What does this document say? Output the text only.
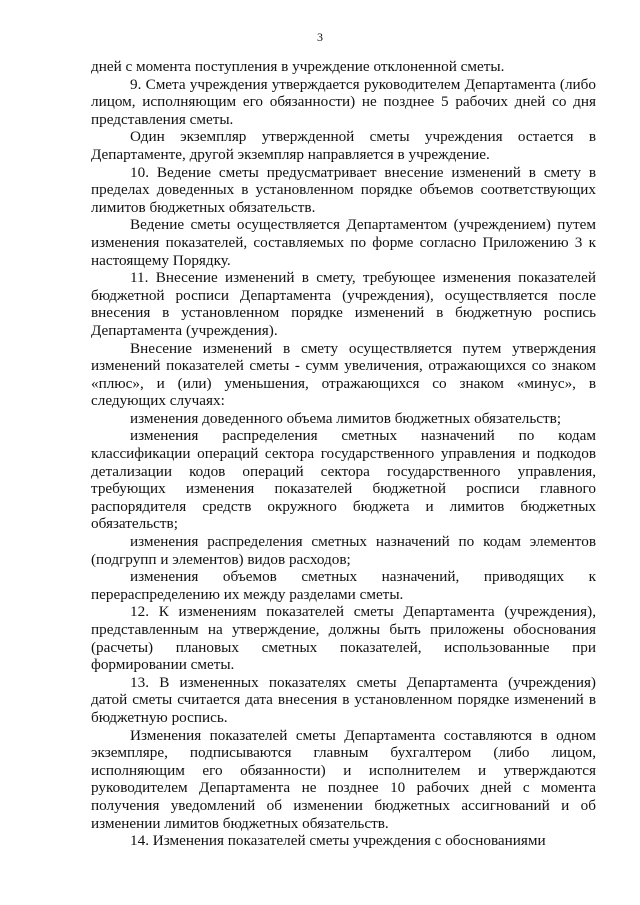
3

дней с момента поступления в учреждение отклоненной сметы.

9. Смета учреждения утверждается руководителем Департамента (либо лицом, исполняющим его обязанности) не позднее 5 рабочих дней со дня представления сметы.

Один экземпляр утвержденной сметы учреждения остается в Департаменте, другой экземпляр направляется в учреждение.

10. Ведение сметы предусматривает внесение изменений в смету в пределах доведенных в установленном порядке объемов соответствующих лимитов бюджетных обязательств.

Ведение сметы осуществляется Департаментом (учреждением) путем изменения показателей, составляемых по форме согласно Приложению 3 к настоящему Порядку.

11. Внесение изменений в смету, требующее изменения показателей бюджетной росписи Департамента (учреждения), осуществляется после внесения в установленном порядке изменений в бюджетную роспись Департамента (учреждения).

Внесение изменений в смету осуществляется путем утверждения изменений показателей сметы - сумм увеличения, отражающихся со знаком «плюс», и (или) уменьшения, отражающихся со знаком «минус», в следующих случаях:

изменения доведенного объема лимитов бюджетных обязательств;

изменения распределения сметных назначений по кодам классификации операций сектора государственного управления и подкодов детализации кодов операций сектора государственного управления, требующих изменения показателей бюджетной росписи главного распорядителя средств окружного бюджета и лимитов бюджетных обязательств;

изменения распределения сметных назначений по кодам элементов (подгрупп и элементов) видов расходов;

изменения объемов сметных назначений, приводящих к перераспределению их между разделами сметы.

12. К изменениям показателей сметы Департамента (учреждения), представленным на утверждение, должны быть приложены обоснования (расчеты) плановых сметных показателей, использованные при формировании сметы.

13. В измененных показателях сметы Департамента (учреждения) датой сметы считается дата внесения в установленном порядке изменений в бюджетную роспись.

Изменения показателей сметы Департамента составляются в одном экземпляре, подписываются главным бухгалтером (либо лицом, исполняющим его обязанности) и исполнителем и утверждаются руководителем Департамента не позднее 10 рабочих дней с момента получения уведомлений об изменении бюджетных ассигнований и об изменении лимитов бюджетных обязательств.

14. Изменения показателей сметы учреждения с обоснованиями
